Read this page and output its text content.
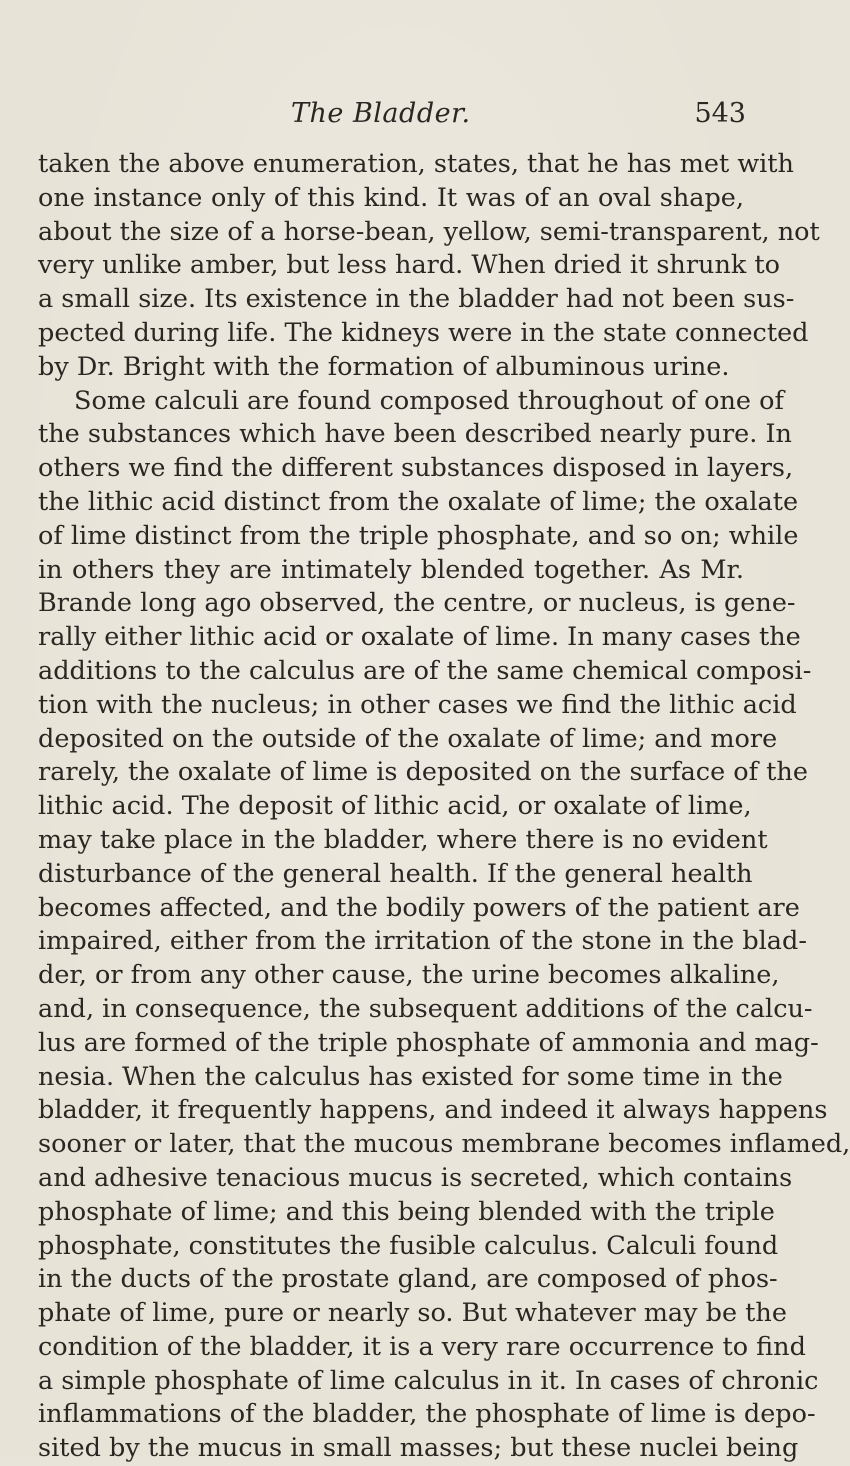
The Bladder.	543
taken the above enumeration, states, that he has met with
one instance only of this kind. It was of an oval shape,
about the size of a horse-bean, yellow, semi-transparent, not
very unlike amber, but less hard. When dried it shrunk to
a small size. Its existence in the bladder had not been sus-
pected during life. The kidneys were in the state connected
by Dr. Bright with the formation of albuminous urine.
Some calculi are found composed throughout of one of
the substances which have been described nearly pure. In
others we find the different substances disposed in layers,
the lithic acid distinct from the oxalate of lime; the oxalate
of lime distinct from the triple phosphate, and so on; while
in others they are intimately blended together. As Mr.
Brande long ago observed, the centre, or nucleus, is gene-
rally either lithic acid or oxalate of lime. In many cases the
additions to the calculus are of the same chemical composi-
tion with the nucleus; in other cases we find the lithic acid
deposited on the outside of the oxalate of lime; and more
rarely, the oxalate of lime is deposited on the surface of the
lithic acid. The deposit of lithic acid, or oxalate of lime,
may take place in the bladder, where there is no evident
disturbance of the general health. If the general health
becomes affected, and the bodily powers of the patient are
impaired, either from the irritation of the stone in the blad-
der, or from any other cause, the urine becomes alkaline,
and, in consequence, the subsequent additions of the calcu-
lus are formed of the triple phosphate of ammonia and mag-
nesia. When the calculus has existed for some time in the
bladder, it frequently happens, and indeed it always happens
sooner or later, that the mucous membrane becomes inflamed,
and adhesive tenacious mucus is secreted, which contains
phosphate of lime; and this being blended with the triple
phosphate, constitutes the fusible calculus. Calculi found
in the ducts of the prostate gland, are composed of phos-
phate of lime, pure or nearly so. But whatever may be the
condition of the bladder, it is a very rare occurrence to find
a simple phosphate of lime calculus in it. In cases of chronic
inflammations of the bladder, the phosphate of lime is depo-
sited by the mucus in small masses; but these nuclei being
